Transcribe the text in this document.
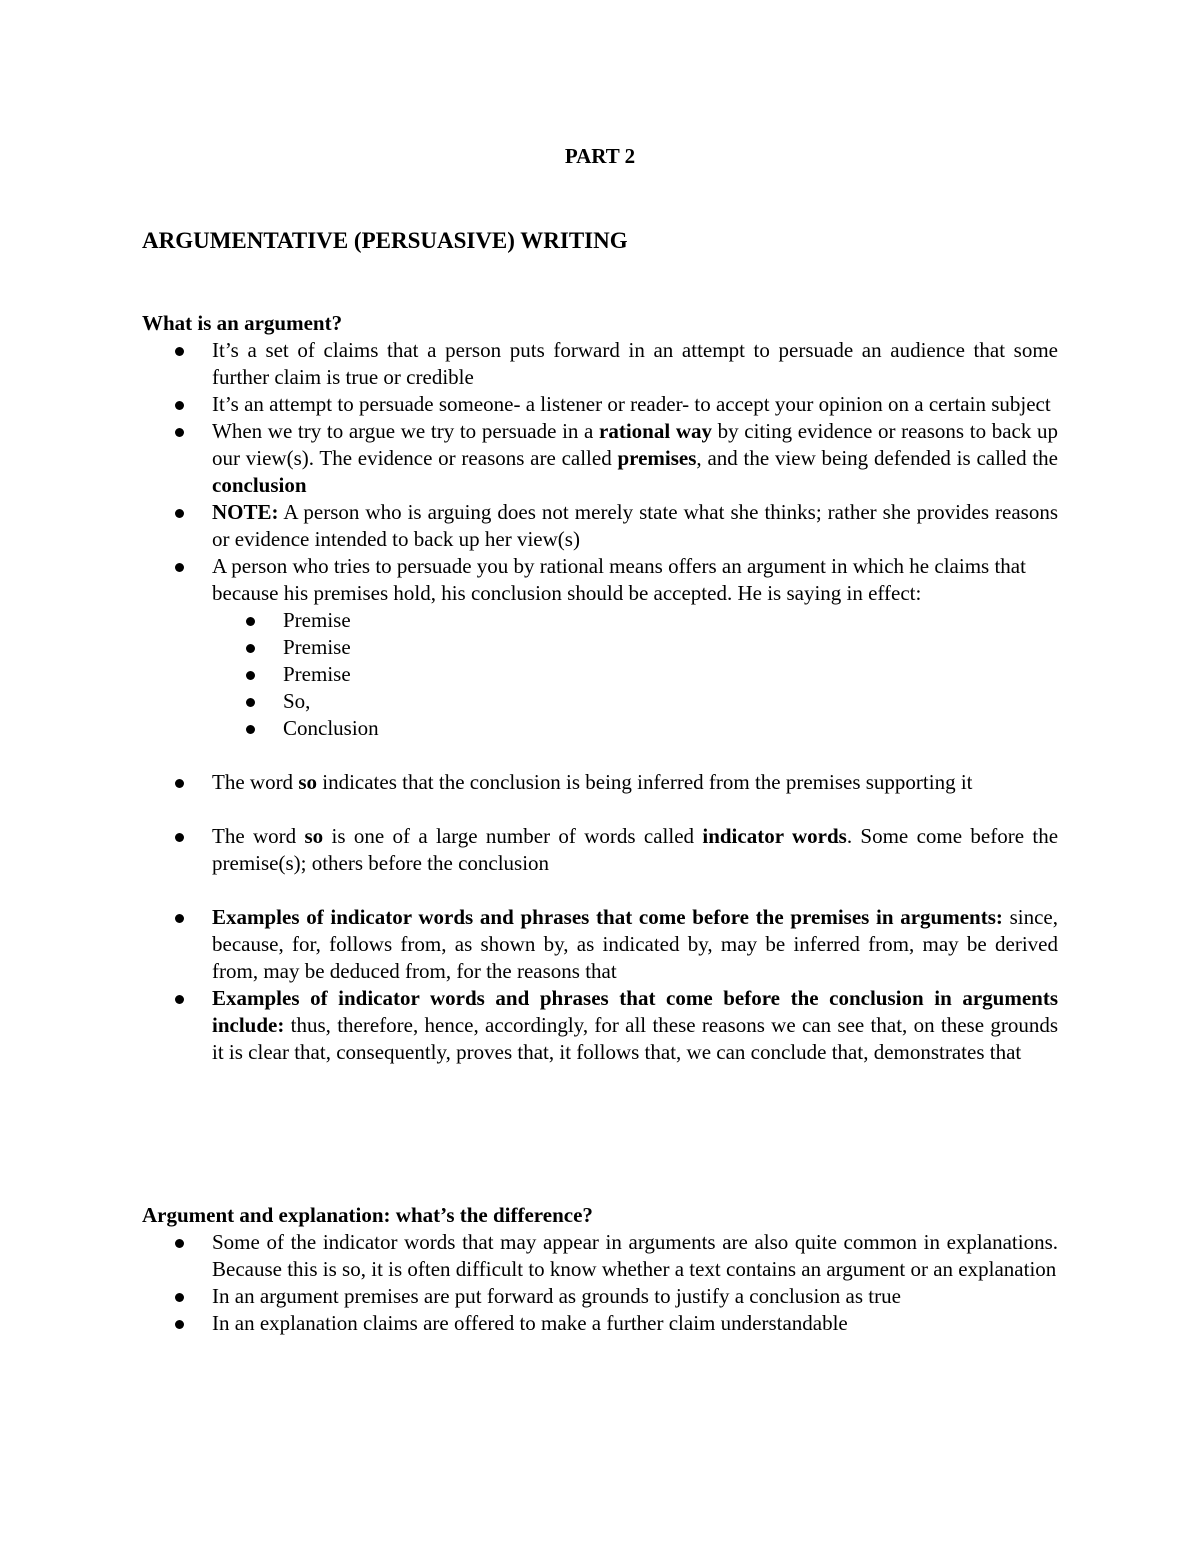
PART 2
ARGUMENTATIVE (PERSUASIVE) WRITING
What is an argument?
It’s a set of claims that a person puts forward in an attempt to persuade an audience that some further claim is true or credible
It’s an attempt to persuade someone- a listener or reader- to accept your opinion on a certain subject
When we try to argue we try to persuade in a rational way by citing evidence or reasons to back up our view(s). The evidence or reasons are called premises, and the view being defended is called the conclusion
NOTE: A person who is arguing does not merely state what she thinks; rather she provides reasons or evidence intended to back up her view(s)
A person who tries to persuade you by rational means offers an argument in which he claims that because his premises hold, his conclusion should be accepted. He is saying in effect:
Premise
Premise
Premise
So,
Conclusion
The word so indicates that the conclusion is being inferred from the premises supporting it
The word so is one of a large number of words called indicator words. Some come before the premise(s); others before the conclusion
Examples of indicator words and phrases that come before the premises in arguments: since, because, for, follows from, as shown by, as indicated by, may be inferred from, may be derived from, may be deduced from, for the reasons that
Examples of indicator words and phrases that come before the conclusion in arguments include: thus, therefore, hence, accordingly, for all these reasons we can see that, on these grounds it is clear that, consequently, proves that, it follows that, we can conclude that, demonstrates that
Argument and explanation: what’s the difference?
Some of the indicator words that may appear in arguments are also quite common in explanations. Because this is so, it is often difficult to know whether a text contains an argument or an explanation
In an argument premises are put forward as grounds to justify a conclusion as true
In an explanation claims are offered to make a further claim understandable
